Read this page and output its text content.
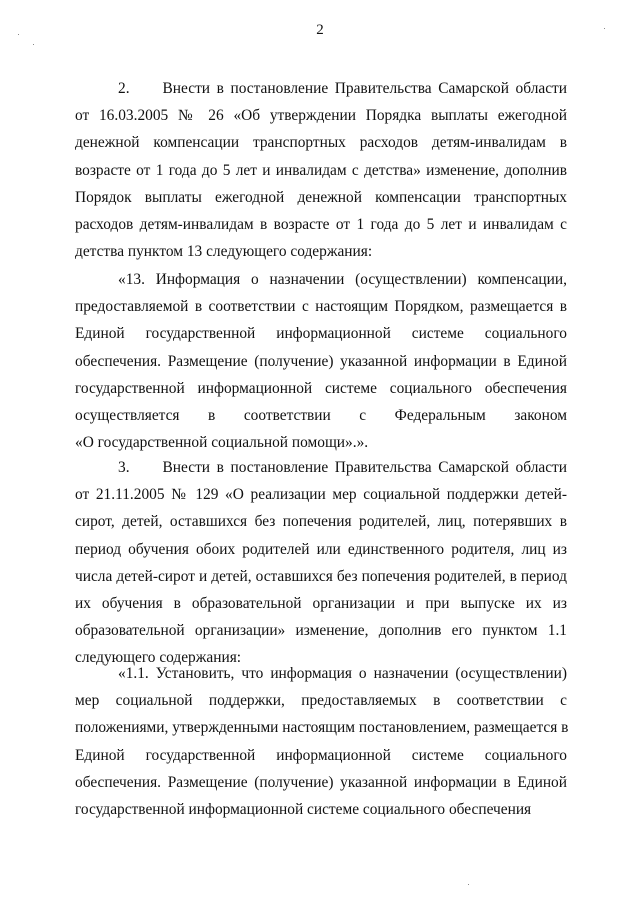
2
2.     Внести в постановление Правительства Самарской области
от 16.03.2005 № 26 «Об утверждении Порядка выплаты ежегодной
денежной компенсации транспортных расходов детям-инвалидам в
возрасте от 1 года до 5 лет и инвалидам с детства» изменение, дополнив
Порядок выплаты ежегодной денежной компенсации транспортных
расходов детям-инвалидам в возрасте от 1 года до 5 лет и инвалидам с
детства пунктом 13 следующего содержания:
«13. Информация о назначении (осуществлении) компенсации,
предоставляемой в соответствии с настоящим Порядком, размещается в
Единой государственной информационной системе социального
обеспечения. Размещение (получение) указанной информации в Единой
государственной информационной системе социального обеспечения
осуществляется в соответствии с Федеральным законом
«О государственной социальной помощи».».
3.     Внести в постановление Правительства Самарской области
от 21.11.2005 № 129 «О реализации мер социальной поддержки детей-
сирот, детей, оставшихся без попечения родителей, лиц, потерявших в
период обучения обоих родителей или единственного родителя, лиц из
числа детей-сирот и детей, оставшихся без попечения родителей, в период
их обучения в образовательной организации и при выпуске их из
образовательной организации» изменение, дополнив его пунктом 1.1
следующего содержания:
«1.1. Установить, что информация о назначении (осуществлении)
мер социальной поддержки, предоставляемых в соответствии с
положениями, утвержденными настоящим постановлением, размещается в
Единой государственной информационной системе социального
обеспечения. Размещение (получение) указанной информации в Единой
государственной информационной системе социального обеспечения
